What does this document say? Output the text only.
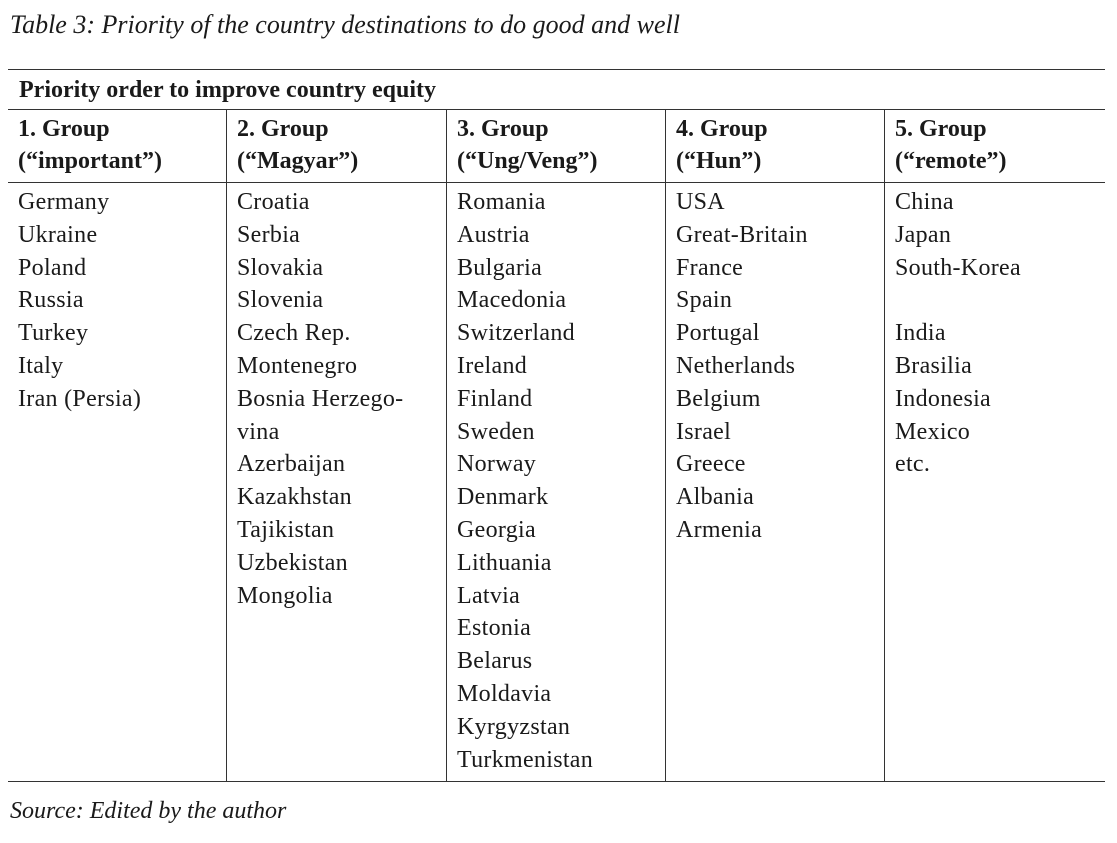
Table 3: Priority of the country destinations to do good and well
Priority order to improve country equity
1. Group
(“important”)
Germany
Ukraine
Poland
Russia
Turkey
Italy
Iran (Persia)
2. Group
(“Magyar”)
Croatia
Serbia
Slovakia
Slovenia
Czech Rep.
Montenegro
Bosnia Herzego-
vina
Azerbaijan
Kazakhstan
Tajikistan
Uzbekistan
Mongolia
3. Group
(“Ung/Veng”)
Romania
Austria
Bulgaria
Macedonia
Switzerland
Ireland
Finland
Sweden
Norway
Denmark
Georgia
Lithuania
Latvia
Estonia
Belarus
Moldavia
Kyrgyzstan
Turkmenistan
4. Group
(“Hun”)
USA
Great-Britain
France
Spain
Portugal
Netherlands
Belgium
Israel
Greece
Albania
Armenia
5. Group
(“remote”)
China
Japan
South-Korea
India
Brasilia
Indonesia
Mexico
etc.
Source: Edited by the author
